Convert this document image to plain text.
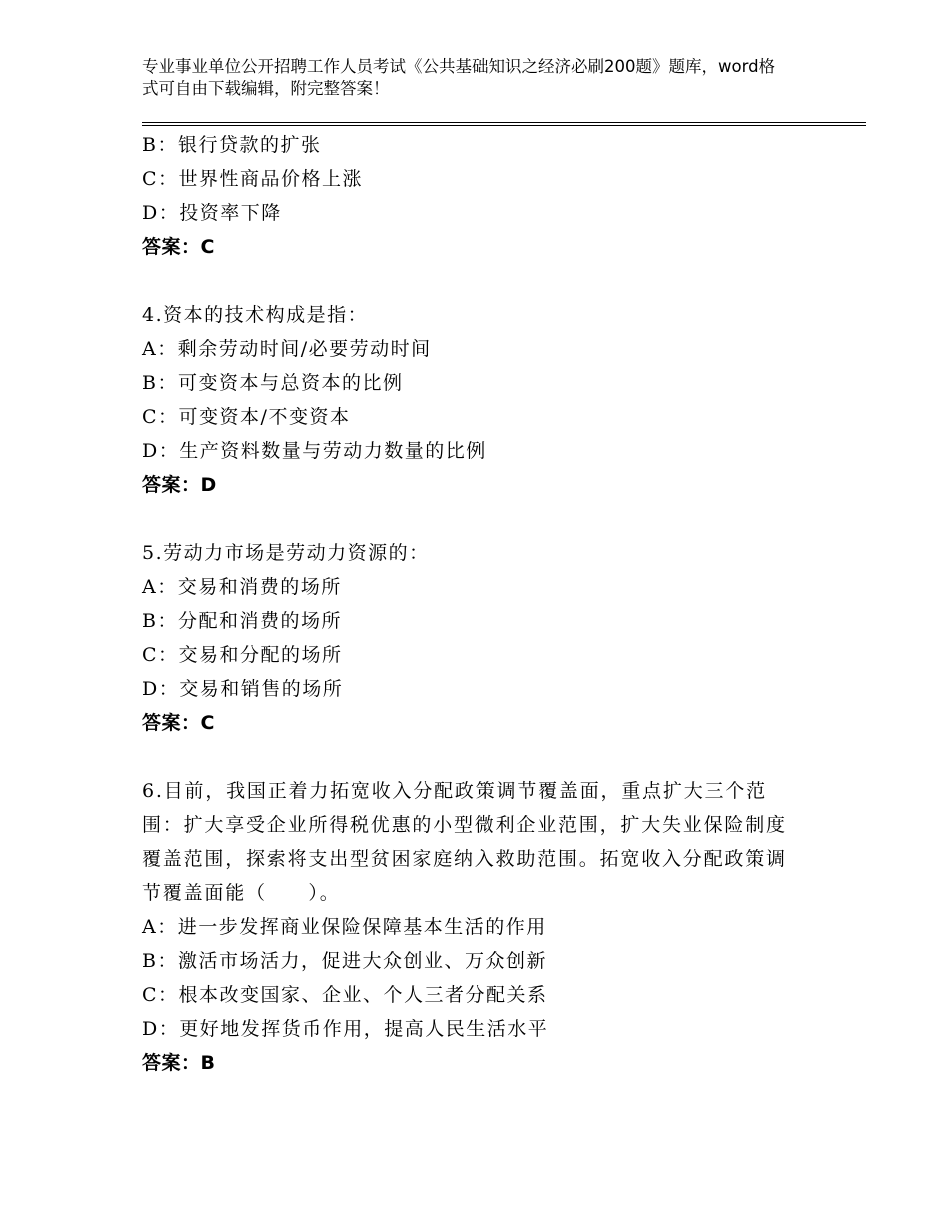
专业事业单位公开招聘工作人员考试《公共基础知识之经济必刷200题》题库，word格式可自由下载编辑，附完整答案！
B：银行贷款的扩张
C：世界性商品价格上涨
D：投资率下降
答案：C
4.资本的技术构成是指：
A：剩余劳动时间/必要劳动时间
B：可变资本与总资本的比例
C：可变资本/不变资本
D：生产资料数量与劳动力数量的比例
答案：D
5.劳动力市场是劳动力资源的：
A：交易和消费的场所
B：分配和消费的场所
C：交易和分配的场所
D：交易和销售的场所
答案：C
6.目前，我国正着力拓宽收入分配政策调节覆盖面，重点扩大三个范围：扩大享受企业所得税优惠的小型微利企业范围，扩大失业保险制度覆盖范围，探索将支出型贫困家庭纳入救助范围。拓宽收入分配政策调节覆盖面能（　　）。
A：进一步发挥商业保险保障基本生活的作用
B：激活市场活力，促进大众创业、万众创新
C：根本改变国家、企业、个人三者分配关系
D：更好地发挥货币作用，提高人民生活水平
答案：B
